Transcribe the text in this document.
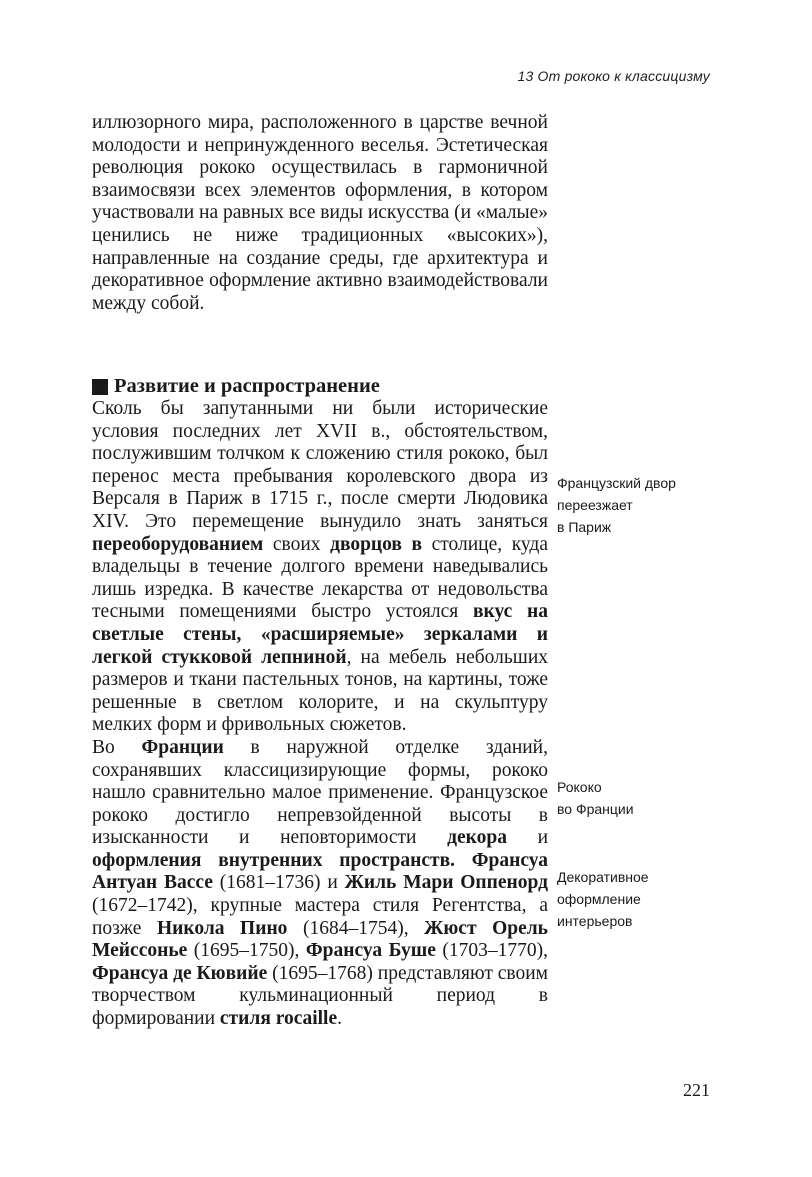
13 От рококо к классицизму

иллюзорного мира, расположенного в царстве вечной молодости и непринужденного веселья. Эстетическая революция рококо осуществилась в гармоничной взаимосвязи всех элементов оформления, в котором участвовали на равных все виды искусства (и «малые» ценились не ниже традиционных «высоких»), направленные на создание среды, где архитектура и декоративное оформление активно взаимодействовали между собой.

Развитие и распространение

Сколь бы запутанными ни были исторические условия последних лет XVII в., обстоятельством, послужившим толчком к сложению стиля рококо, был перенос места пребывания королевского двора из Версаля в Париж в 1715 г., после смерти Людовика XIV. Это перемещение вынудило знать заняться переоборудованием своих дворцов в столице, куда владельцы в течение долгого времени наведывались лишь изредка. В качестве лекарства от недовольства тесными помещениями быстро устоялся вкус на светлые стены, «расширяемые» зеркалами и легкой стукковой лепниной, на мебель небольших размеров и ткани пастельных тонов, на картины, тоже решенные в светлом колорите, и на скульптуру мелких форм и фривольных сюжетов.

Во Франции в наружной отделке зданий, сохранявших классицизирующие формы, рококо нашло сравнительно малое применение. Французское рококо достигло непревзойденной высоты в изысканности и неповторимости декора и оформления внутренних пространств. Франсуа Антуан Вассе (1681–1736) и Жиль Мари Оппенорд (1672–1742), крупные мастера стиля Регентства, а позже Никола Пино (1684–1754), Жюст Орель Мейссонье (1695–1750), Франсуа Буше (1703–1770), Франсуа де Кювийе (1695–1768) представляют своим творчеством кульминационный период в формировании стиля rocaille.

Французский двор
переезжает
в Париж
Рококо
во Франции
Декоративное
оформление
интерьеров
221
